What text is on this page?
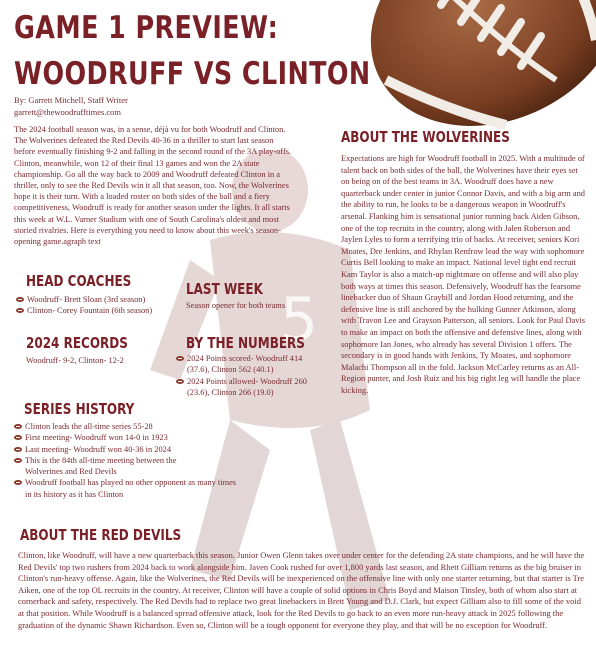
5
GAME 1 PREVIEW:
WOODRUFF VS CLINTON
By: Garrett Mitchell, Staff Writer
garrett@thewoodrufftimes.com
The 2024 football season was, in a sense, déjà vu for both Woodruff and Clinton. The Wolverines defeated the Red Devils 40-36 in a thriller to start last season before eventually finishing 9-2 and falling in the second round of the 3A play-offs. Clinton, meanwhile, won 12 of their final 13 games and won the 2A state championship. Go all the way back to 2009 and Woodruff defeated Clinton in a thriller, only to see the Red Devils win it all that season, too. Now, the Wolverines hope it is their turn. With a loaded roster on both sides of the ball and a fiery competitiveness, Woodruff is ready for another season under the lights. It all starts this week at W.L. Varner Stadium with one of South Carolina's oldest and most storied rivalries. Here is everything you need to know about this week's season-opening game.agraph text
HEAD COACHES
Woodruff- Brett Sloan (3rd season)
Clinton- Corey Fountain (6th season)
LAST WEEK
Season opener for both teams
2024 RECORDS
Woodruff- 9-2, Clinton- 12-2
BY THE NUMBERS
2024 Points scored- Woodruff 414 (37.6), Clinton 562 (40.1)
2024 Points allowed- Woodruff 260 (23.6), Clinton 266 (19.0)
SERIES HISTORY
Clinton leads the all-time series 55-28
First meeting- Woodruff won 14-0 in 1923
Last meeting- Woodruff won 40-36 in 2024
This is the 84th all-time meeting between the Wolverines and Red Devils
Woodruff football has played no other opponent as many times in its history as it has Clinton
ABOUT THE WOLVERINES
Expectations are high for Woodruff football in 2025. With a multitude of talent back on both sides of the ball, the Wolverines have their eyes set on being on of the best teams in 3A. Woodruff does have a new quarterback under center in junior Connor Davis, and with a big arm and the ability to run, he looks to be a dangerous weapon in Woodruff's arsenal. Flanking him is sensational junior running back Aiden Gibson, one of the top recruits in the country, along with Jalen Roberson and Jaylen Lyles to form a terrifying trio of backs. At receiver, seniors Kori Moates, Dre Jenkins, and Rhylan Renfrow lead the way with sophomore Curtis Bell looking to make an impact. National level tight end recruit Kam Taylor is also a match-up nightmare on offense and will also play both ways at times this season. Defensively, Woodruff has the fearsome linebacker duo of Shaun Graybill and Jordan Hood returning, and the defensive line is still anchored by the hulking Gunner Atkinson, along with Travon Lee and Grayson Patterson, all seniors. Look for Paul Davis to make an impact on both the offensive and defensive lines, along with sophomore Ian Jones, who already has several Division 1 offers. The secondary is in good hands with Jenkins, Ty Moates, and sophomore Malachi Thompson all in the fold. Jackson McCarley returns as an All-Region punter, and Josh Ruiz and his big right leg will handle the place kicking.
ABOUT THE RED DEVILS
Clinton, like Woodruff, will have a new quarterback this season. Junior Owen Glenn takes over under center for the defending 2A state champions, and he will have the Red Devils' top two rushers from 2024 back to work alongside him. Javen Cook rushed for over 1,800 yards last season, and Rhett Gilliam returns as the big bruiser in Clinton's run-heavy offense. Again, like the Wolverines, the Red Devils will be inexperienced on the offensive line with only one starter returning, but that starter is Tre Aiken, one of the top OL recruits in the country. At receiver, Clinton will have a couple of solid options in Chris Boyd and Maison Tinsley, both of whom also start at cornerback and safety, respectively. The Red Devils had to replace two great linebackers in Brett Young and D.J. Clark, but expect Gilliam also to fill some of the void at that position. While Woodruff is a balanced spread offensive attack, look for the Red Devils to go back to an even more run-heavy attack in 2025 following the graduation of the dynamic Shawn Richardson. Even so, Clinton will be a tough opponent for everyone they play, and that will be no exception for Woodruff.
